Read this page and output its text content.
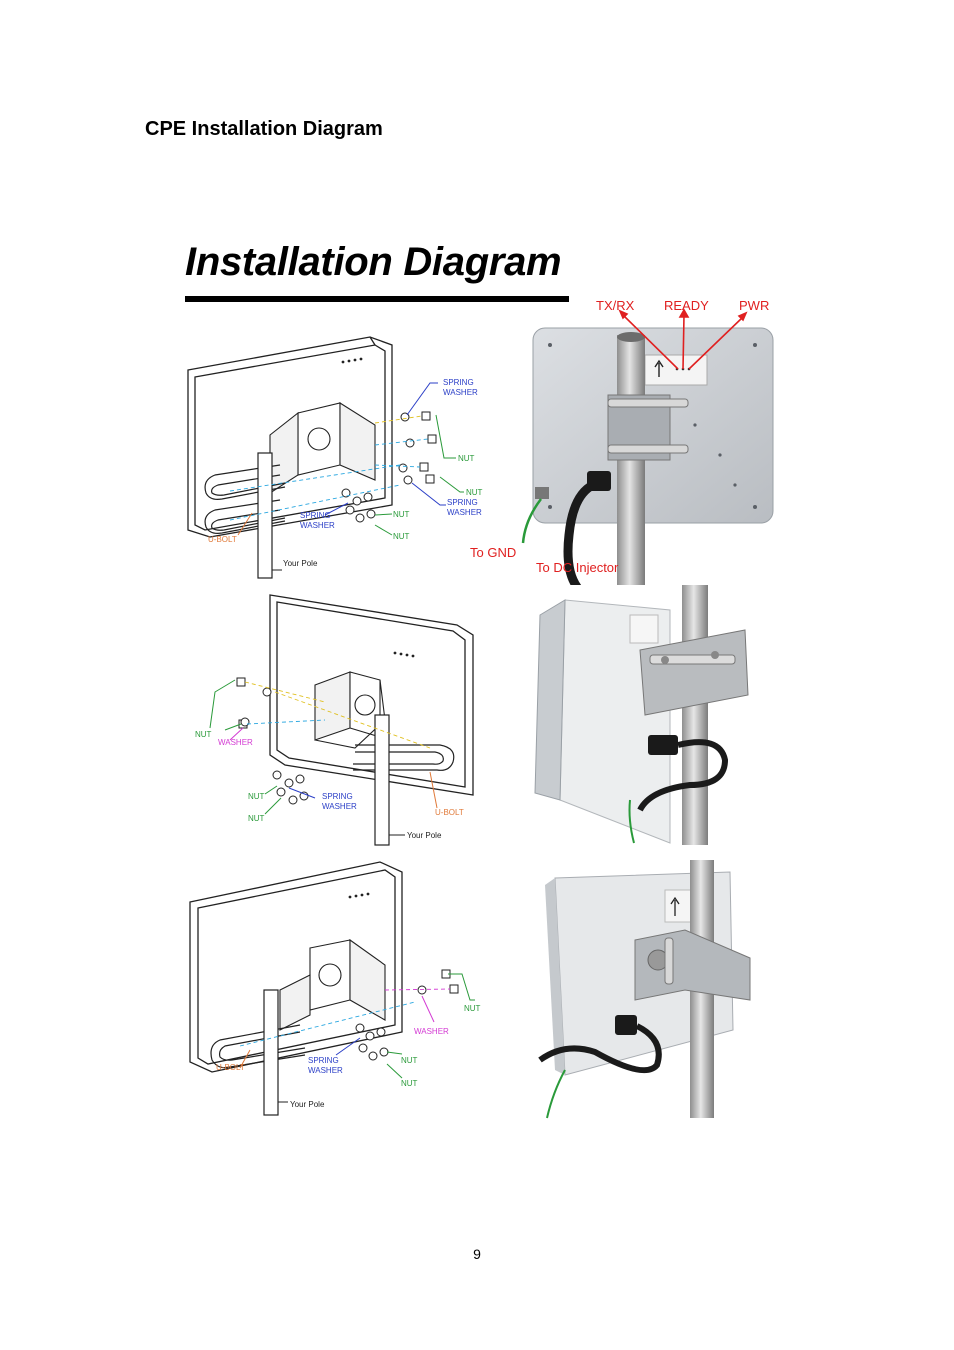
CPE Installation Diagram
Installation Diagram
SPRING
WASHER
NUT
NUT
SPRING
WASHER
SPRING
WASHER
NUT
NUT
U-BOLT
Your Pole
TX/RX READY PWR
To GND
To DC Injector
NUT
WASHER
NUT	SPRING
WASHER
NUT
U-BOLT
Your Pole
NUT
WASHER
SPRING
WASHER
NUT
NUT
U-BOLT
Your Pole
9
